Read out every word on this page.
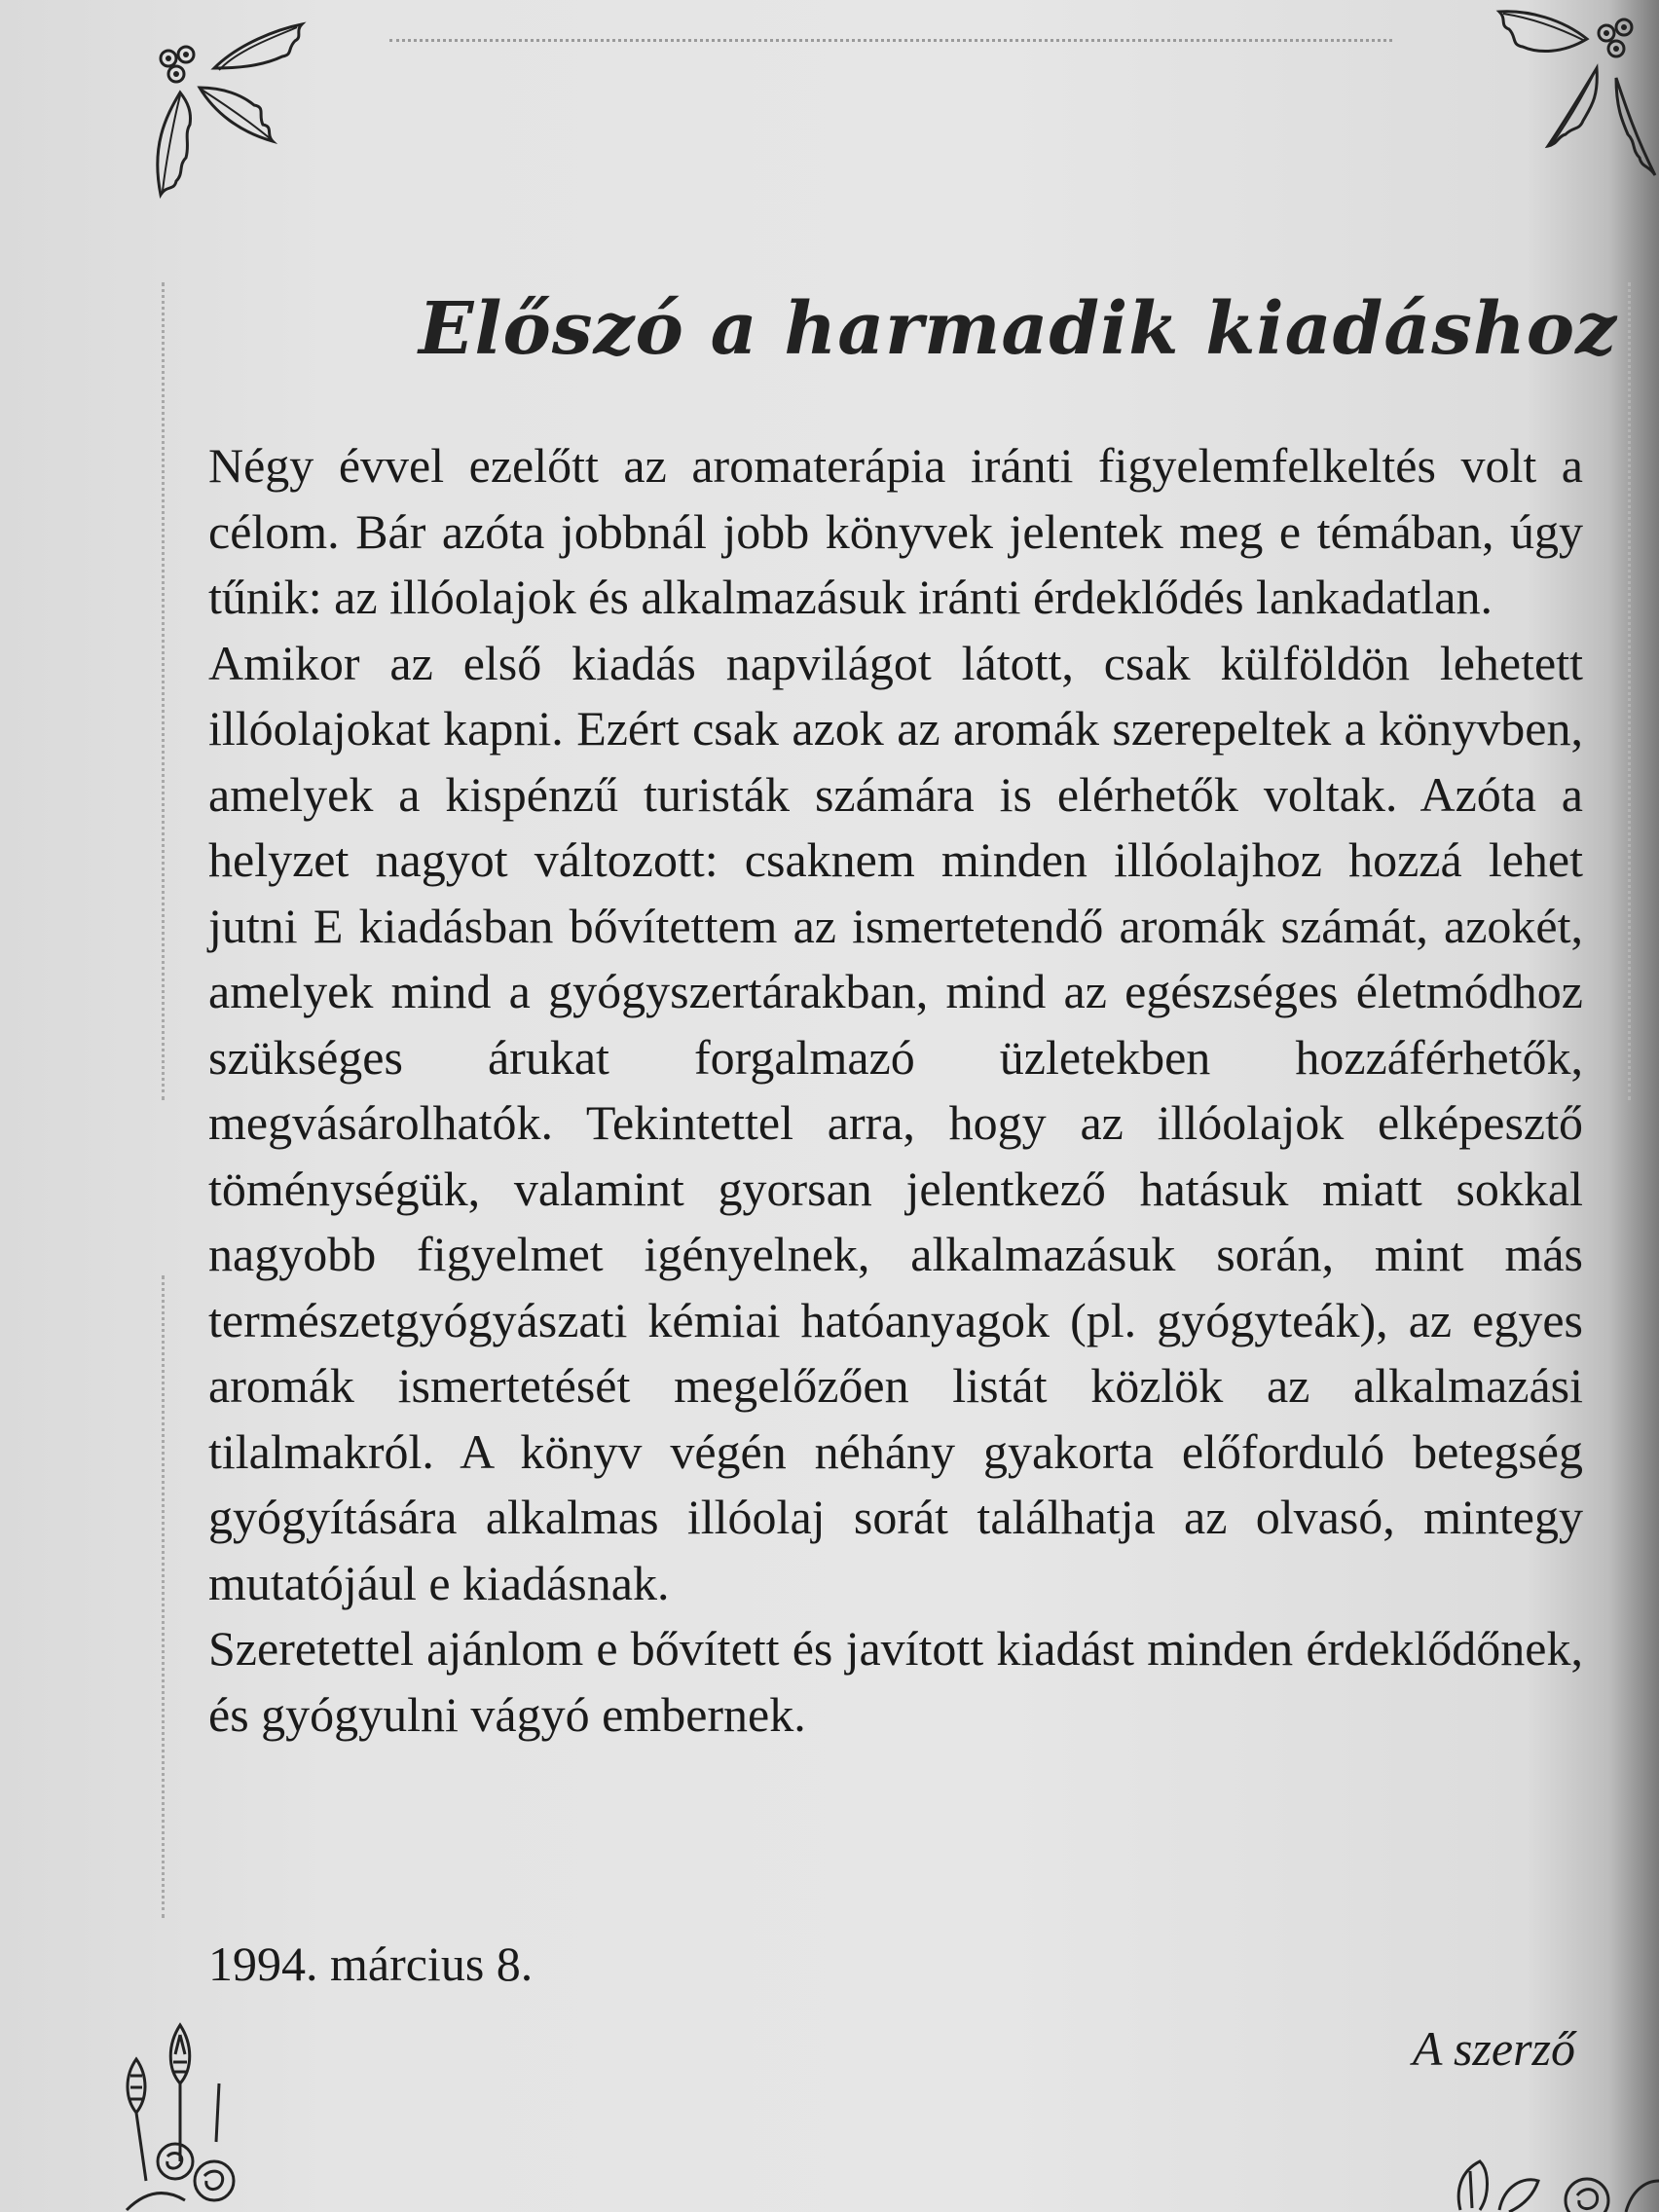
Előszó a harmadik kiadáshoz

Négy évvel ezelőtt az aromaterápia iránti figyelemfelkeltés volt a célom. Bár azóta jobbnál jobb könyvek jelentek meg e témában, úgy tűnik: az illóolajok és alkalmazásuk iránti érdeklődés lankadatlan.

Amikor az első kiadás napvilágot látott, csak külföldön lehetett illóolajokat kapni. Ezért csak azok az aromák szerepeltek a könyvben, amelyek a kispénzű turisták számára is elérhetők voltak. Azóta a helyzet nagyot változott: csaknem minden illóolajhoz hozzá lehet jutni E kiadásban bővítettem az ismertetendő aromák számát, azokét, amelyek mind a gyógyszertárakban, mind az egészséges életmódhoz szükséges árukat forgalmazó üzletekben hozzáférhetők, megvásárolhatók. Tekintettel arra, hogy az illóolajok elképesztő töménységük, valamint gyorsan jelentkező hatásuk miatt sokkal nagyobb figyelmet igényelnek, alkalmazásuk során, mint más természetgyógyászati kémiai hatóanyagok (pl. gyógyteák), az egyes aromák ismertetését megelőzően listát közlök az alkalmazási tilalmakról. A könyv végén néhány gyakorta előforduló betegség gyógyítására alkalmas illóolaj sorát találhatja az olvasó, mintegy mutatójául e kiadásnak.

Szeretettel ajánlom e bővített és javított kiadást minden érdeklődőnek, és gyógyulni vágyó embernek.

1994. március 8.
A szerző
